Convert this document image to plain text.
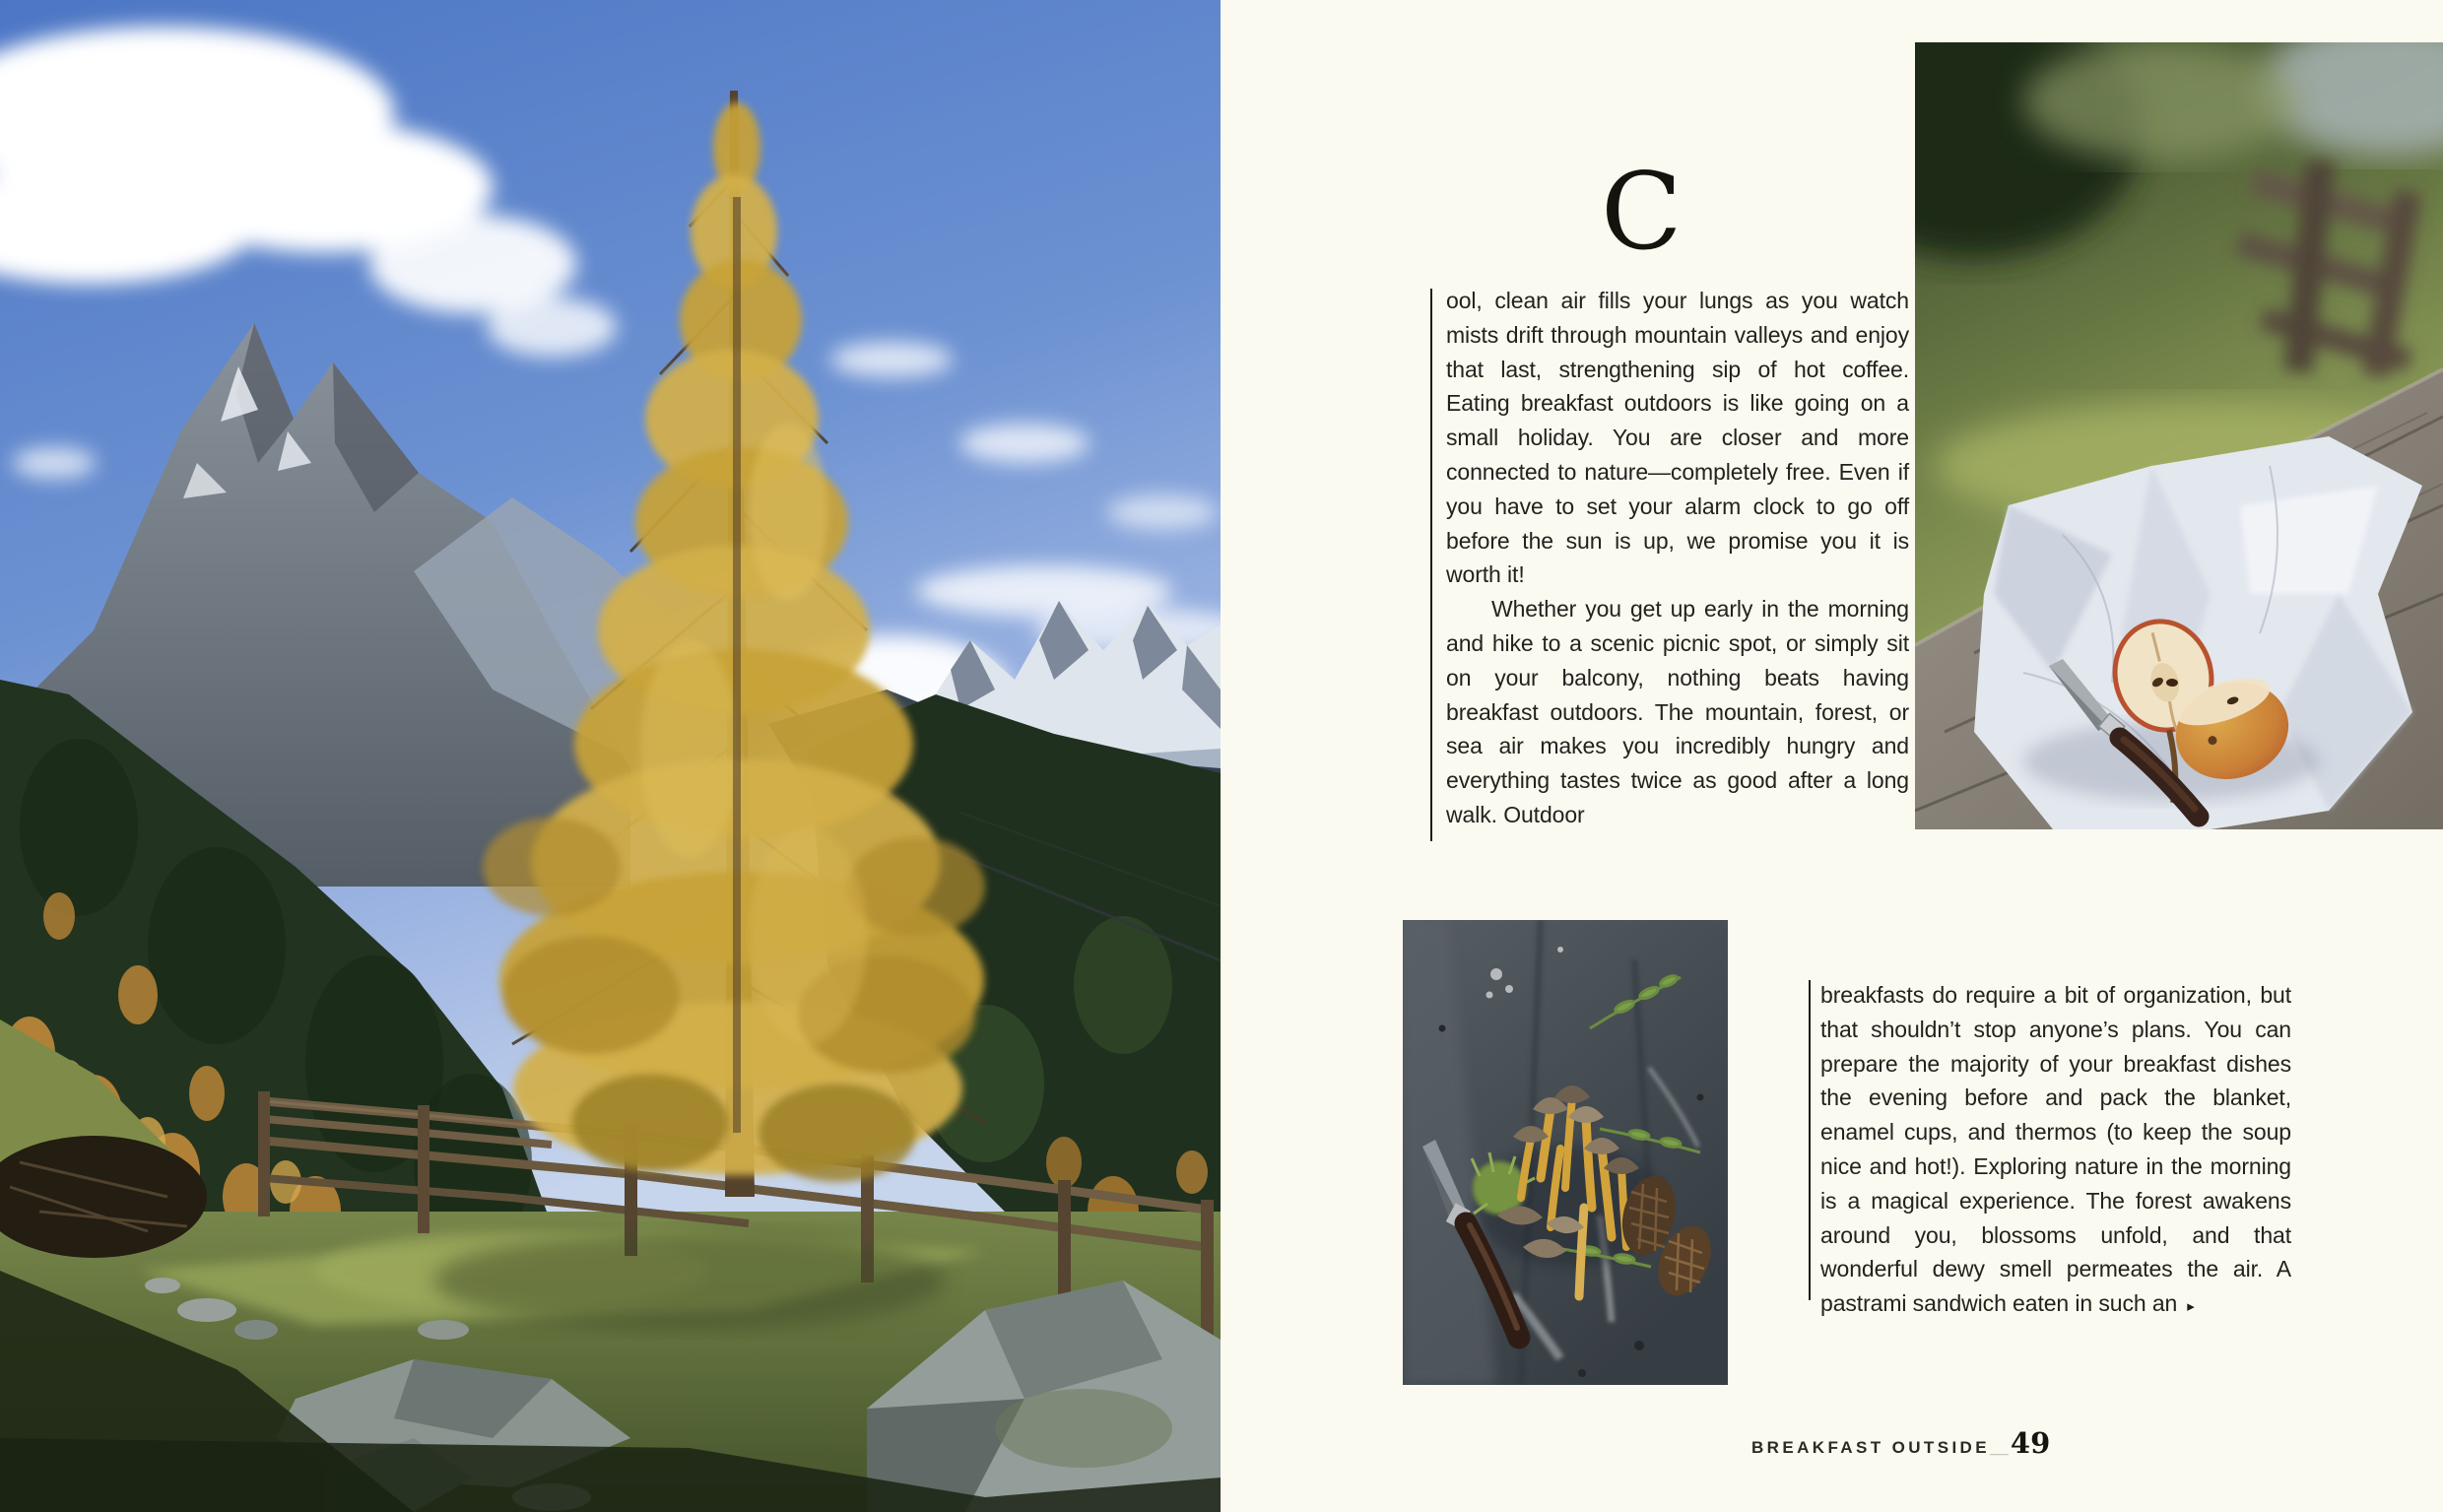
C

ool, clean air fills your lungs as you watch mists drift through mountain valleys and enjoy that last, strengthening sip of hot coffee. Eating breakfast outdoors is like going on a small holiday. You are closer and more connected to nature—completely free. Even if you have to set your alarm clock to go off before the sun is up, we promise you it is worth it!

Whether you get up early in the morning and hike to a scenic picnic spot, or simply sit on your balcony, nothing beats having breakfast outdoors. The mountain, forest, or sea air makes you incredibly hungry and everything tastes twice as good after a long walk. Outdoor

breakfasts do require a bit of organization, but that shouldn’t stop anyone’s plans. You can prepare the majority of your breakfast dishes the evening before and pack the blanket, enamel cups, and thermos (to keep the soup nice and hot!). Exploring nature in the morning is a magical experience. The forest awakens around you, blossoms unfold, and that wonderful dewy smell permeates the air. A pastrami sandwich eaten in such an ▸

BREAKFAST OUTSIDE__49
